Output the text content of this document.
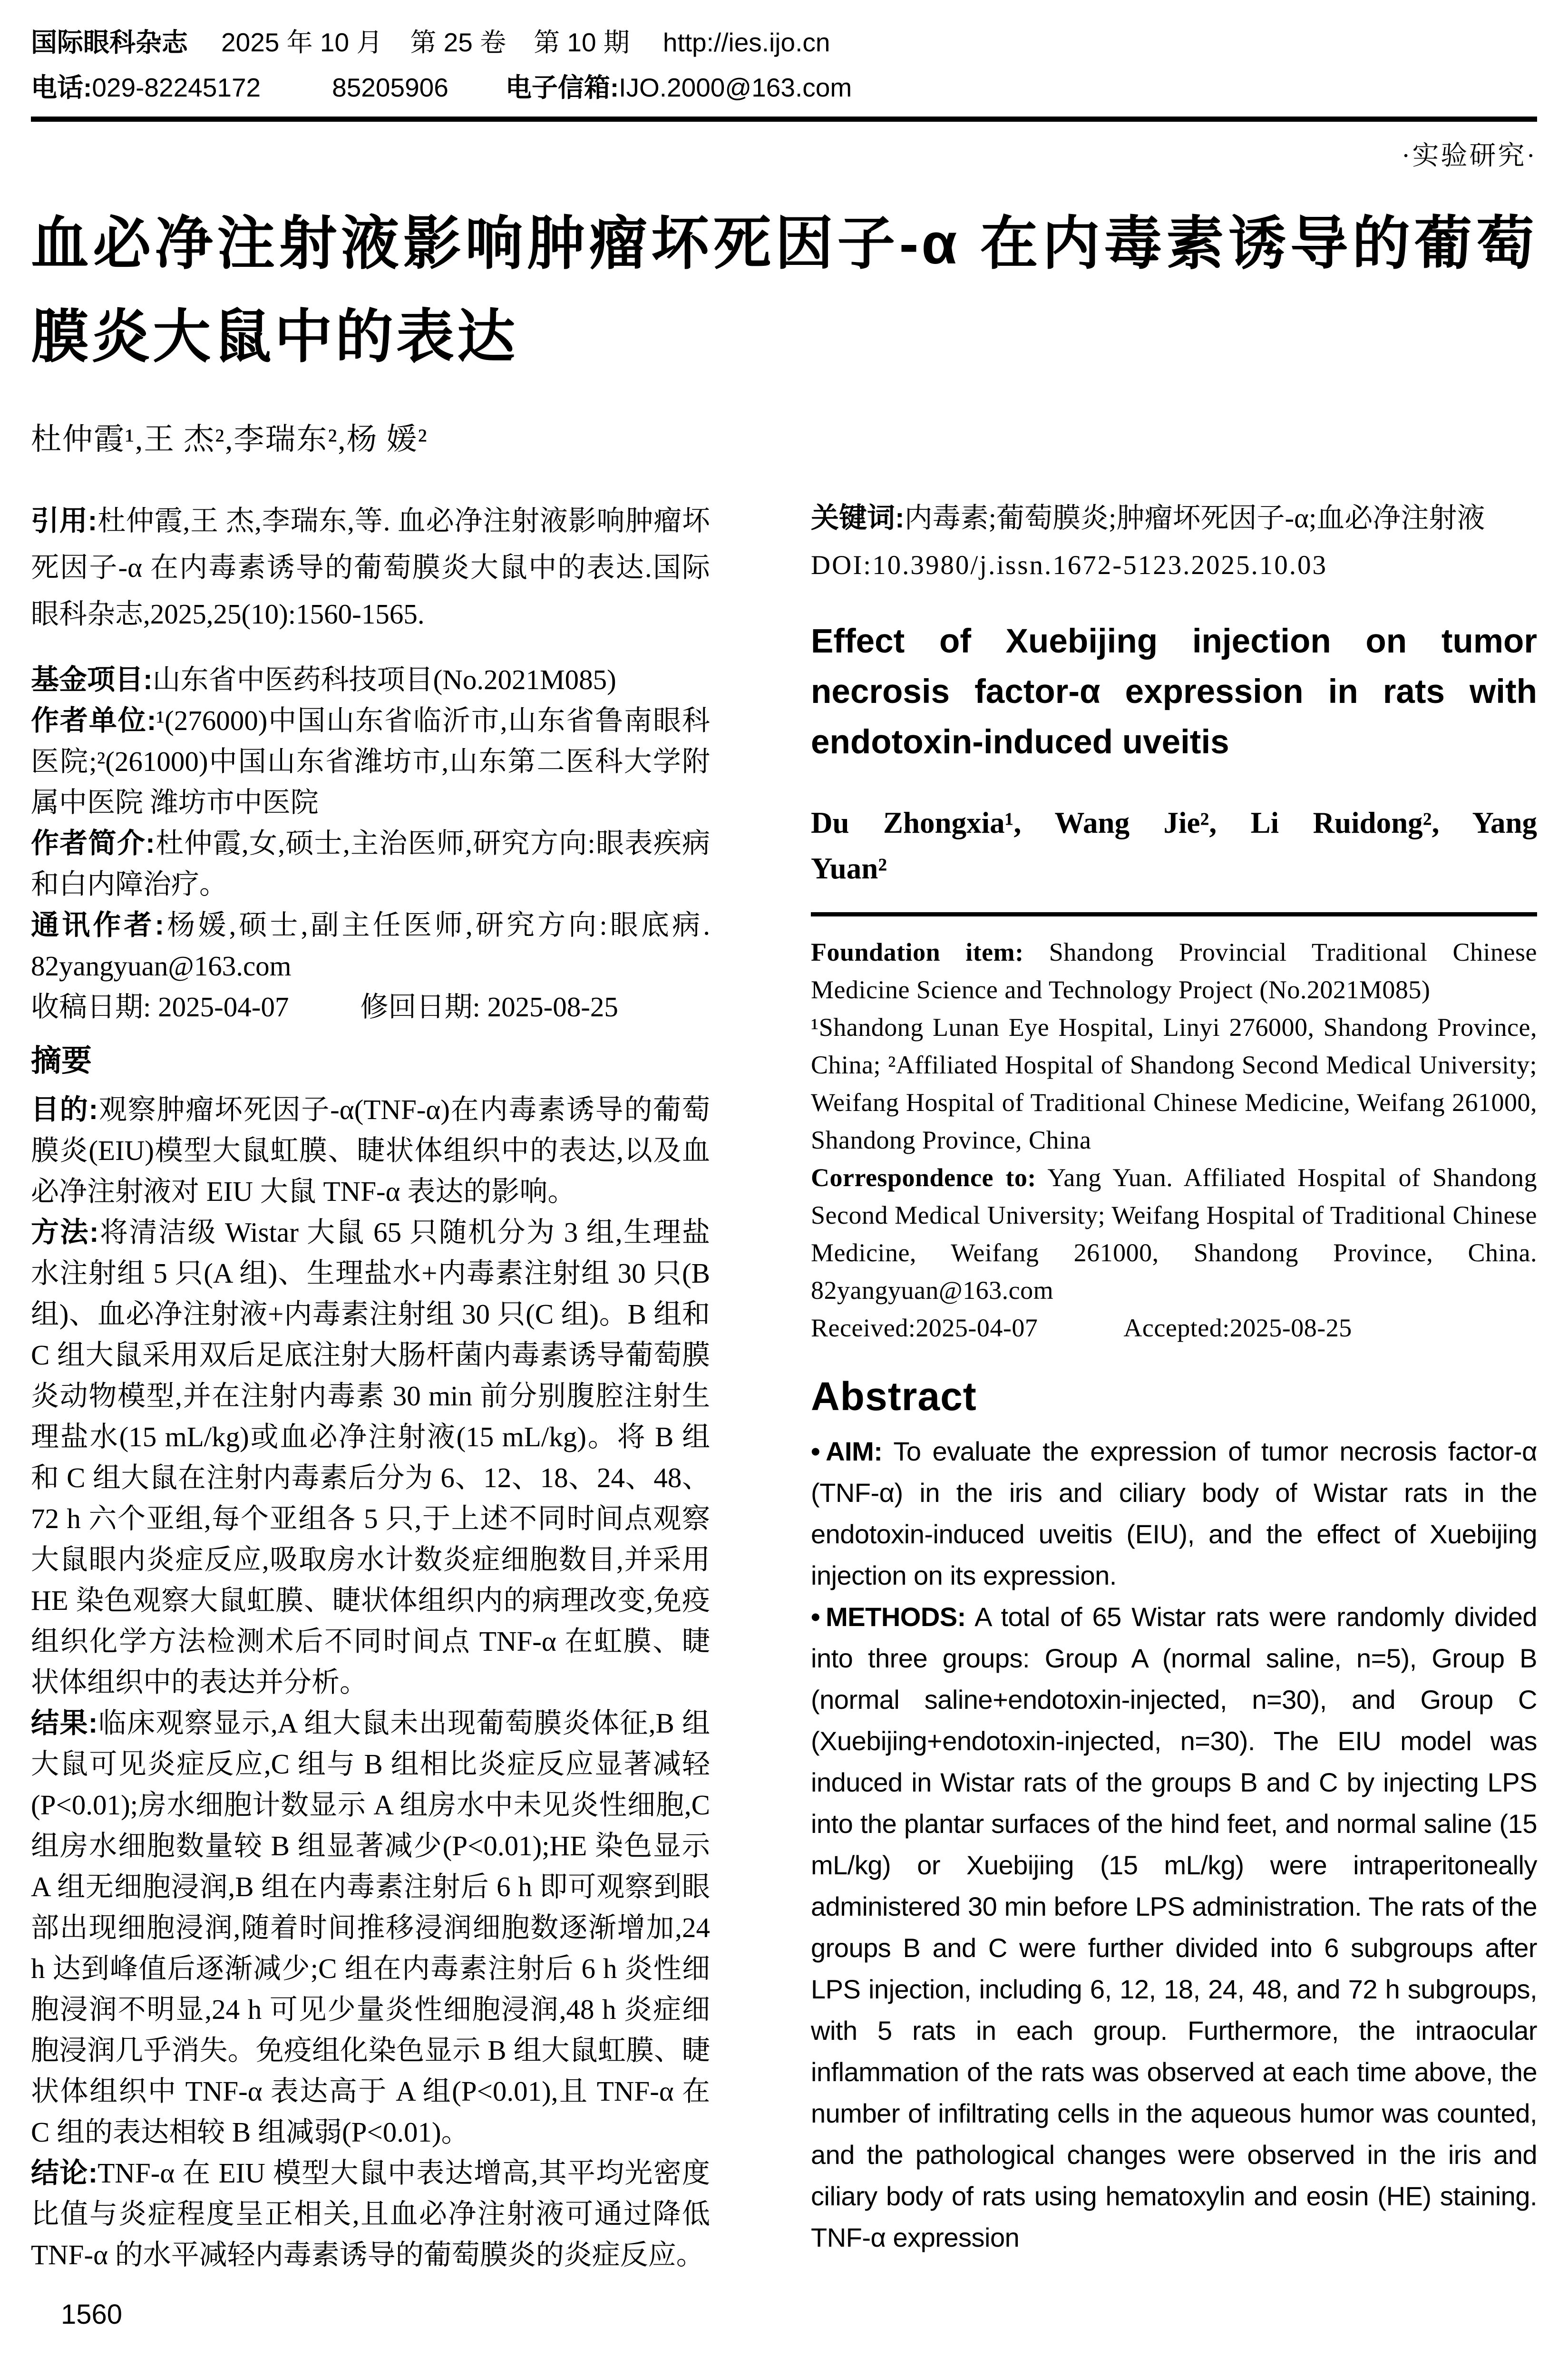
国际眼科杂志 2025 年 10 月 第 25 卷 第 10 期 http://ies.ijo.cn
电话: 029-82245172	85205906 电子信箱: IJO.2000@163.com
·实验研究·
血必净注射液影响肿瘤坏死因子-α 在内毒素诱导的葡萄膜炎大鼠中的表达
杜仲霞¹,王 杰²,李瑞东²,杨 媛²

引用:杜仲霞,王 杰,李瑞东,等. 血必净注射液影响肿瘤坏死因子-α 在内毒素诱导的葡萄膜炎大鼠中的表达.国际眼科杂志,2025,25(10):1560-1565.

基金项目:山东省中医药科技项目(No.2021M085)

作者单位:¹(276000)中国山东省临沂市,山东省鲁南眼科医院;²(261000)中国山东省潍坊市,山东第二医科大学附属中医院 潍坊市中医院

作者简介:杜仲霞,女,硕士,主治医师,研究方向:眼表疾病和白内障治疗。

通讯作者:杨媛,硕士,副主任医师,研究方向:眼底病. 82yangyuan@163.com

收稿日期: 2025-04-07	修回日期: 2025-08-25

摘要

目的:观察肿瘤坏死因子-α(TNF-α)在内毒素诱导的葡萄膜炎(EIU)模型大鼠虹膜、睫状体组织中的表达,以及血必净注射液对 EIU 大鼠 TNF-α 表达的影响。

方法:将清洁级 Wistar 大鼠 65 只随机分为 3 组,生理盐水注射组 5 只(A 组)、生理盐水+内毒素注射组 30 只(B 组)、血必净注射液+内毒素注射组 30 只(C 组)。B 组和 C 组大鼠采用双后足底注射大肠杆菌内毒素诱导葡萄膜炎动物模型,并在注射内毒素 30 min 前分别腹腔注射生理盐水(15 mL/kg)或血必净注射液(15 mL/kg)。将 B 组和 C 组大鼠在注射内毒素后分为 6、12、18、24、48、72 h 六个亚组,每个亚组各 5 只,于上述不同时间点观察大鼠眼内炎症反应,吸取房水计数炎症细胞数目,并采用 HE 染色观察大鼠虹膜、睫状体组织内的病理改变,免疫组织化学方法检测术后不同时间点 TNF-α 在虹膜、睫状体组织中的表达并分析。

结果:临床观察显示,A 组大鼠未出现葡萄膜炎体征,B 组大鼠可见炎症反应,C 组与 B 组相比炎症反应显著减轻(P<0.01);房水细胞计数显示 A 组房水中未见炎性细胞,C 组房水细胞数量较 B 组显著减少(P<0.01);HE 染色显示 A 组无细胞浸润,B 组在内毒素注射后 6 h 即可观察到眼部出现细胞浸润,随着时间推移浸润细胞数逐渐增加,24 h 达到峰值后逐渐减少;C 组在内毒素注射后 6 h 炎性细胞浸润不明显,24 h 可见少量炎性细胞浸润,48 h 炎症细胞浸润几乎消失。免疫组化染色显示 B 组大鼠虹膜、睫状体组织中 TNF-α 表达高于 A 组(P<0.01),且 TNF-α 在 C 组的表达相较 B 组减弱(P<0.01)。

结论:TNF-α 在 EIU 模型大鼠中表达增高,其平均光密度比值与炎症程度呈正相关,且血必净注射液可通过降低 TNF-α 的水平减轻内毒素诱导的葡萄膜炎的炎症反应。

关键词:内毒素;葡萄膜炎;肿瘤坏死因子-α;血必净注射液

DOI:10.3980/j.issn.1672-5123.2025.10.03

Effect of Xuebijing injection on tumor necrosis factor-α expression in rats with endotoxin-induced uveitis

Du Zhongxia¹, Wang Jie², Li Ruidong², Yang Yuan²

Foundation item: Shandong Provincial Traditional Chinese Medicine Science and Technology Project (No.2021M085)

¹Shandong Lunan Eye Hospital, Linyi 276000, Shandong Province, China; ²Affiliated Hospital of Shandong Second Medical University; Weifang Hospital of Traditional Chinese Medicine, Weifang 261000, Shandong Province, China

Correspondence to: Yang Yuan. Affiliated Hospital of Shandong Second Medical University; Weifang Hospital of Traditional Chinese Medicine, Weifang 261000, Shandong Province, China. 82yangyuan@163.com

Received:2025-04-07	Accepted:2025-08-25

Abstract

• AIM: To evaluate the expression of tumor necrosis factor-α (TNF-α) in the iris and ciliary body of Wistar rats in the endotoxin-induced uveitis (EIU), and the effect of Xuebijing injection on its expression.

• METHODS: A total of 65 Wistar rats were randomly divided into three groups: Group A (normal saline, n=5), Group B (normal saline+endotoxin-injected, n=30), and Group C (Xuebijing+endotoxin-injected, n=30). The EIU model was induced in Wistar rats of the groups B and C by injecting LPS into the plantar surfaces of the hind feet, and normal saline (15 mL/kg) or Xuebijing (15 mL/kg) were intraperitoneally administered 30 min before LPS administration. The rats of the groups B and C were further divided into 6 subgroups after LPS injection, including 6, 12, 18, 24, 48, and 72 h subgroups, with 5 rats in each group. Furthermore, the intraocular inflammation of the rats was observed at each time above, the number of infiltrating cells in the aqueous humor was counted, and the pathological changes were observed in the iris and ciliary body of rats using hematoxylin and eosin (HE) staining. TNF-α expression

1560
